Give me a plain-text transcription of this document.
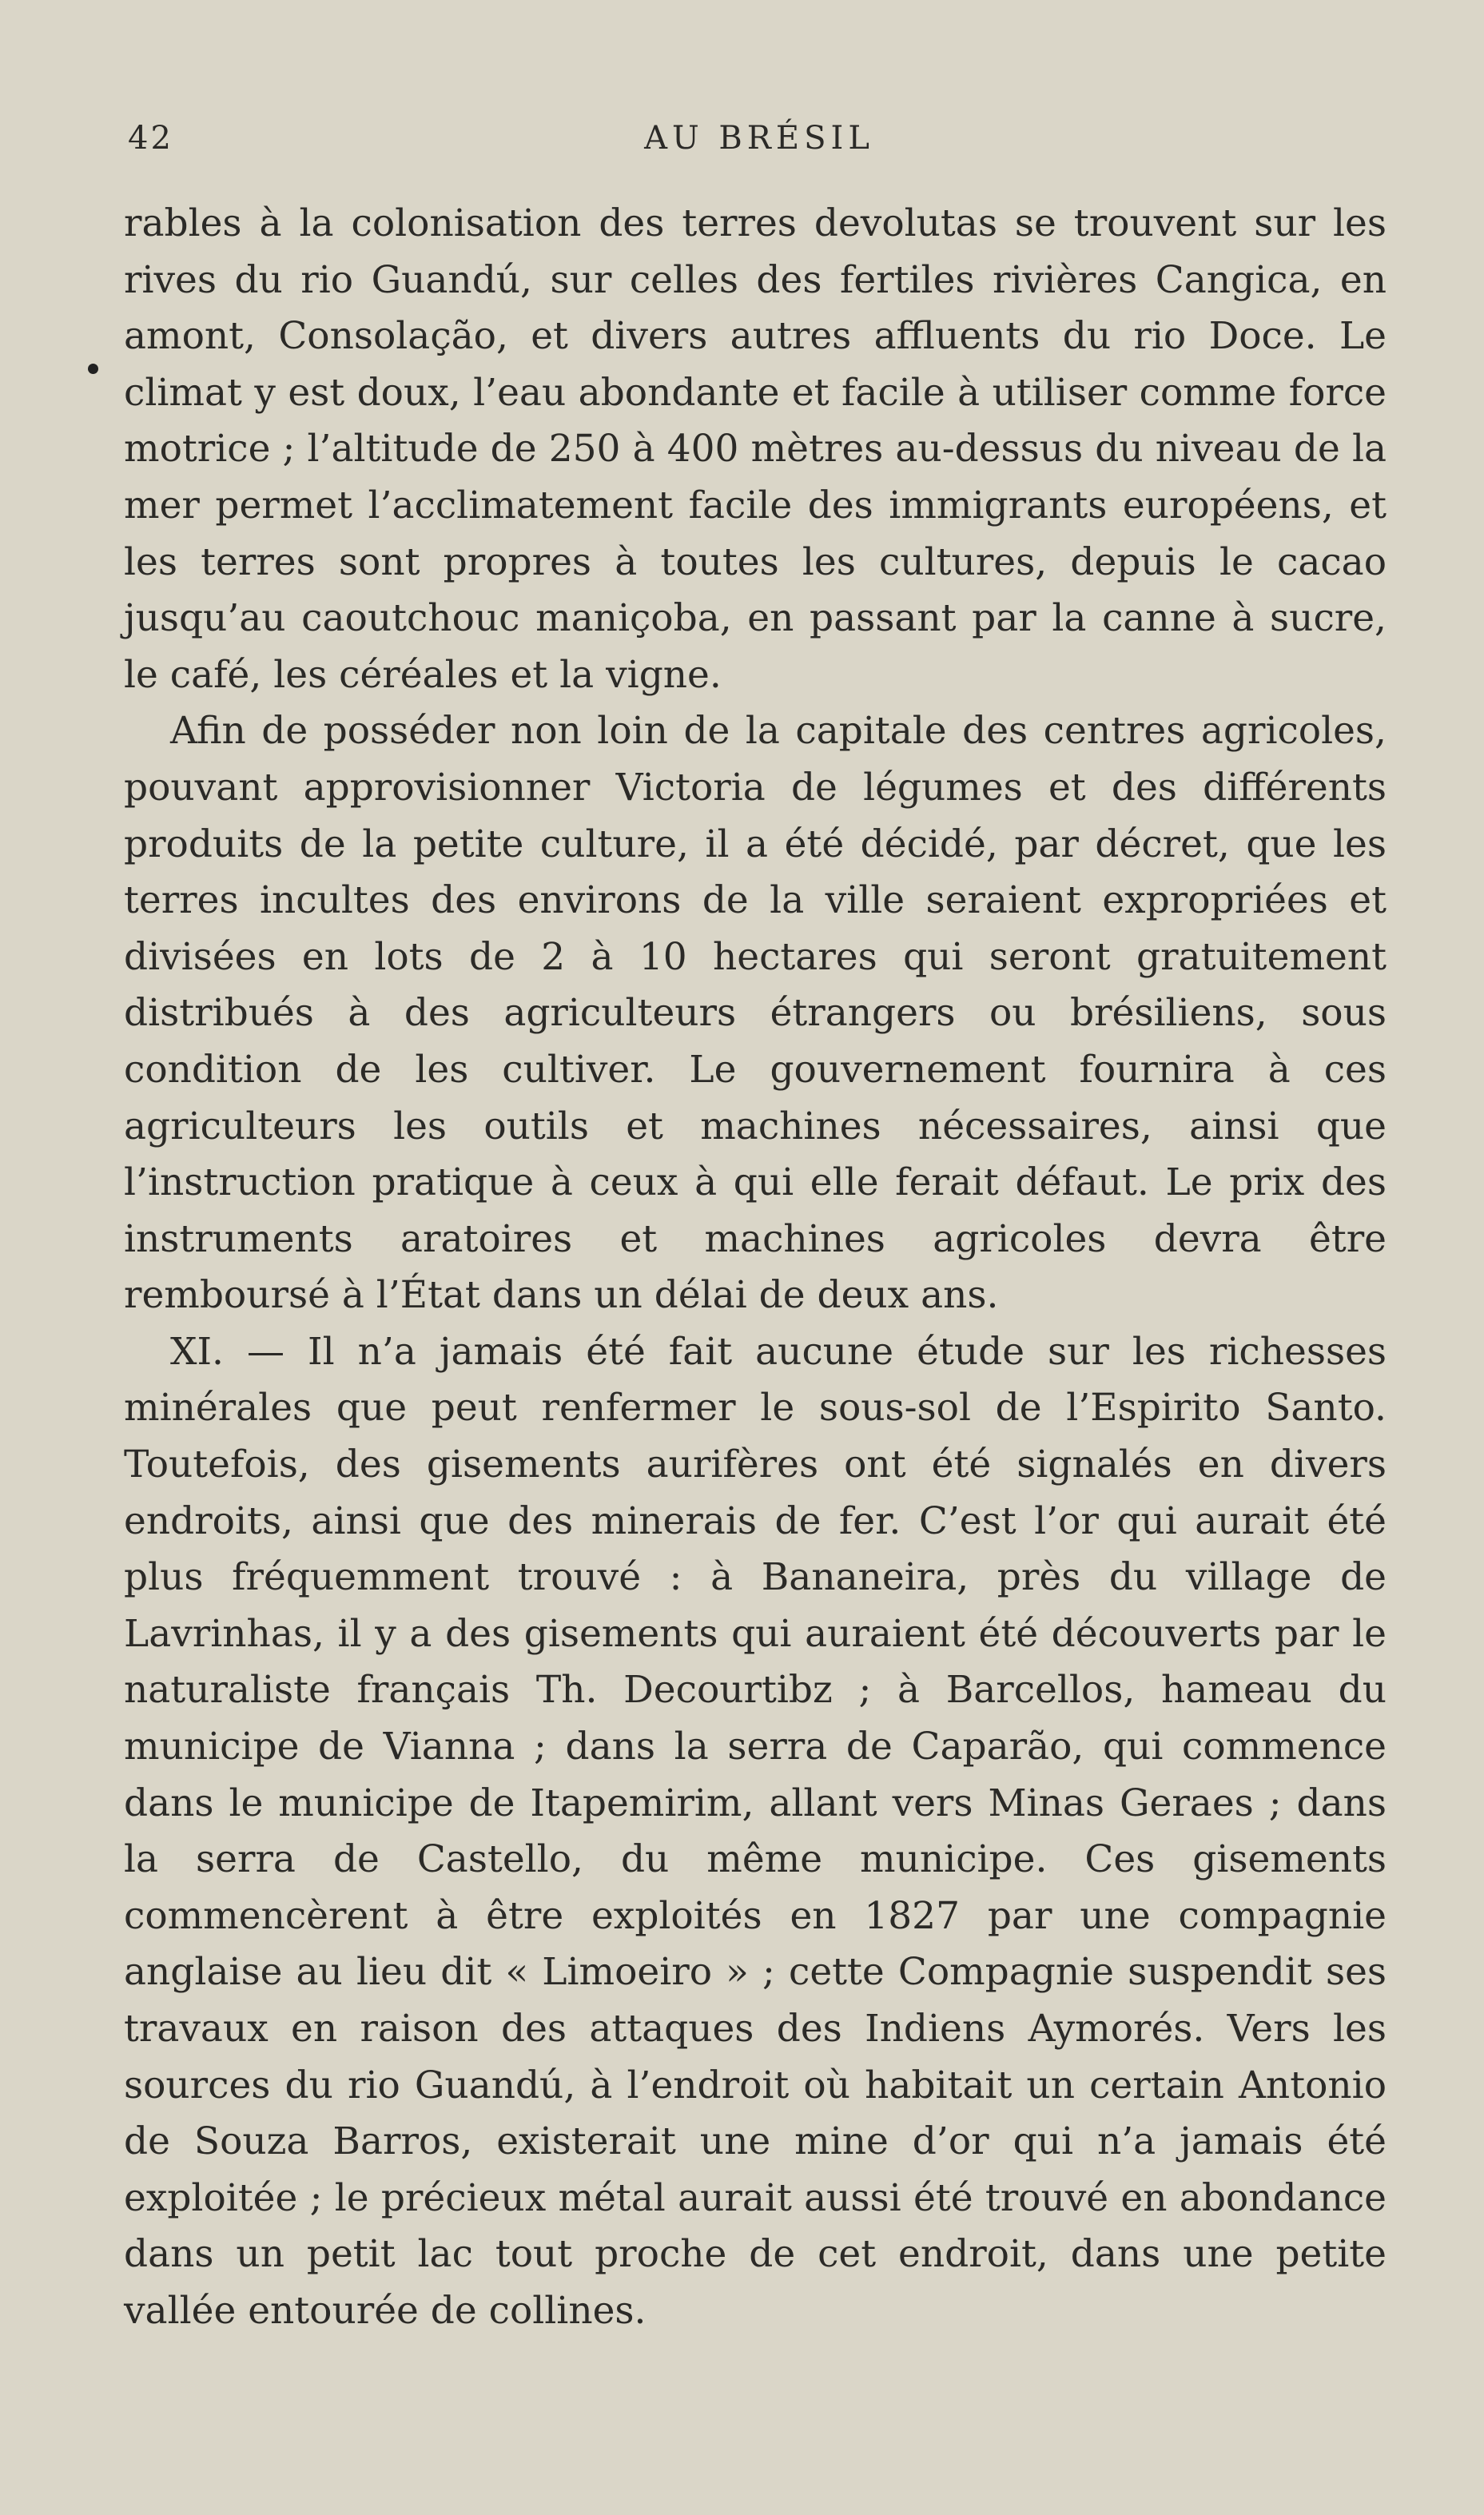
42	AU BRÉSIL

rables à la colonisation des terres devolutas se trouvent sur les rives du rio Guandú, sur celles des fertiles rivières Cangica, en amont, Consolação, et divers autres affluents du rio Doce. Le climat y est doux, l’eau abondante et facile à utiliser comme force motrice ; l’altitude de 250 à 400 mètres au-dessus du niveau de la mer permet l’acclimatement facile des immigrants européens, et les terres sont propres à toutes les cultures, depuis le cacao jusqu’au caoutchouc maniçoba, en passant par la canne à sucre, le café, les céréales et la vigne.

Afin de posséder non loin de la capitale des centres agricoles, pouvant approvisionner Victoria de légumes et des différents produits de la petite culture, il a été décidé, par décret, que les terres incultes des environs de la ville seraient expropriées et divisées en lots de 2 à 10 hectares qui seront gratuitement distribués à des agriculteurs étrangers ou brésiliens, sous condition de les cultiver. Le gouvernement fournira à ces agriculteurs les outils et machines nécessaires, ainsi que l’instruction pratique à ceux à qui elle ferait défaut. Le prix des instruments aratoires et machines agricoles devra être remboursé à l’État dans un délai de deux ans.

XI. — Il n’a jamais été fait aucune étude sur les richesses minérales que peut renfermer le sous-sol de l’Espirito Santo. Toutefois, des gisements aurifères ont été signalés en divers endroits, ainsi que des minerais de fer. C’est l’or qui aurait été plus fréquemment trouvé : à Bananeira, près du village de Lavrinhas, il y a des gisements qui auraient été découverts par le naturaliste français Th. Decourtibz ; à Barcellos, hameau du municipe de Vianna ; dans la serra de Caparão, qui commence dans le municipe de Itapemirim, allant vers Minas Geraes ; dans la serra de Castello, du même municipe. Ces gisements commencèrent à être exploités en 1827 par une compagnie anglaise au lieu dit « Limoeiro » ; cette Compagnie suspendit ses travaux en raison des attaques des Indiens Aymorés. Vers les sources du rio Guandú, à l’endroit où habitait un certain Antonio de Souza Barros, existerait une mine d’or qui n’a jamais été exploitée ; le précieux métal aurait aussi été trouvé en abondance dans un petit lac tout proche de cet endroit, dans une petite vallée entourée de collines.
